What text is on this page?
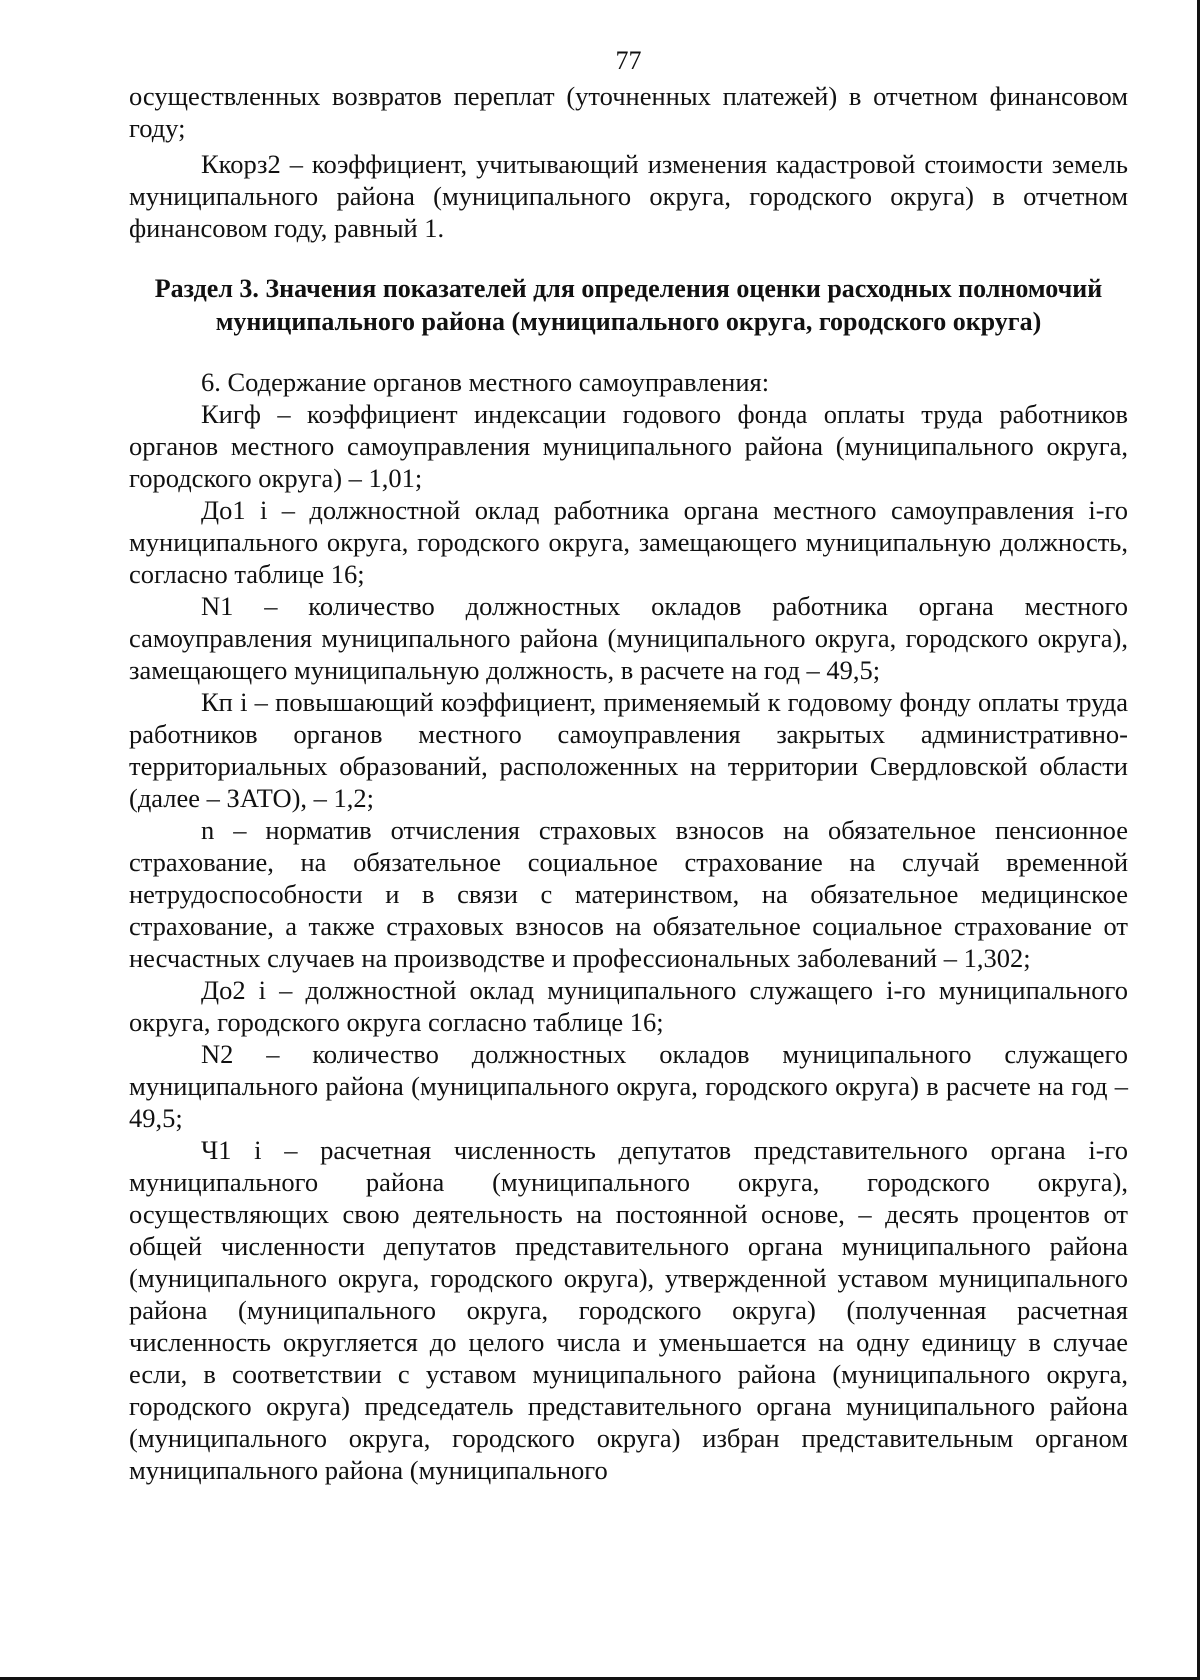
77

осуществленных возвратов переплат (уточненных платежей) в отчетном финансовом году;

Ккорз2 – коэффициент, учитывающий изменения кадастровой стоимости земель муниципального района (муниципального округа, городского округа) в отчетном финансовом году, равный 1.

Раздел 3. Значения показателей для определения оценки расходных полномочий муниципального района (муниципального округа, городского округа)

6. Содержание органов местного самоуправления:

Кигф – коэффициент индексации годового фонда оплаты труда работников органов местного самоуправления муниципального района (муниципального округа, городского округа) – 1,01;

До1 i – должностной оклад работника органа местного самоуправления i-го муниципального округа, городского округа, замещающего муниципальную должность, согласно таблице 16;

N1 – количество должностных окладов работника органа местного самоуправления муниципального района (муниципального округа, городского округа), замещающего муниципальную должность, в расчете на год – 49,5;

Кп i – повышающий коэффициент, применяемый к годовому фонду оплаты труда работников органов местного самоуправления закрытых административно-территориальных образований, расположенных на территории Свердловской области (далее – ЗАТО), – 1,2;

n – норматив отчисления страховых взносов на обязательное пенсионное страхование, на обязательное социальное страхование на случай временной нетрудоспособности и в связи с материнством, на обязательное медицинское страхование, а также страховых взносов на обязательное социальное страхование от несчастных случаев на производстве и профессиональных заболеваний – 1,302;

До2 i – должностной оклад муниципального служащего i-го муниципального округа, городского округа согласно таблице 16;

N2 – количество должностных окладов муниципального служащего муниципального района (муниципального округа, городского округа) в расчете на год – 49,5;

Ч1 i – расчетная численность депутатов представительного органа i-го муниципального района (муниципального округа, городского округа), осуществляющих свою деятельность на постоянной основе, – десять процентов от общей численности депутатов представительного органа муниципального района (муниципального округа, городского округа), утвержденной уставом муниципального района (муниципального округа, городского округа) (полученная расчетная численность округляется до целого числа и уменьшается на одну единицу в случае если, в соответствии с уставом муниципального района (муниципального округа, городского округа) председатель представительного органа муниципального района (муниципального округа, городского округа) избран представительным органом муниципального района (муниципального
